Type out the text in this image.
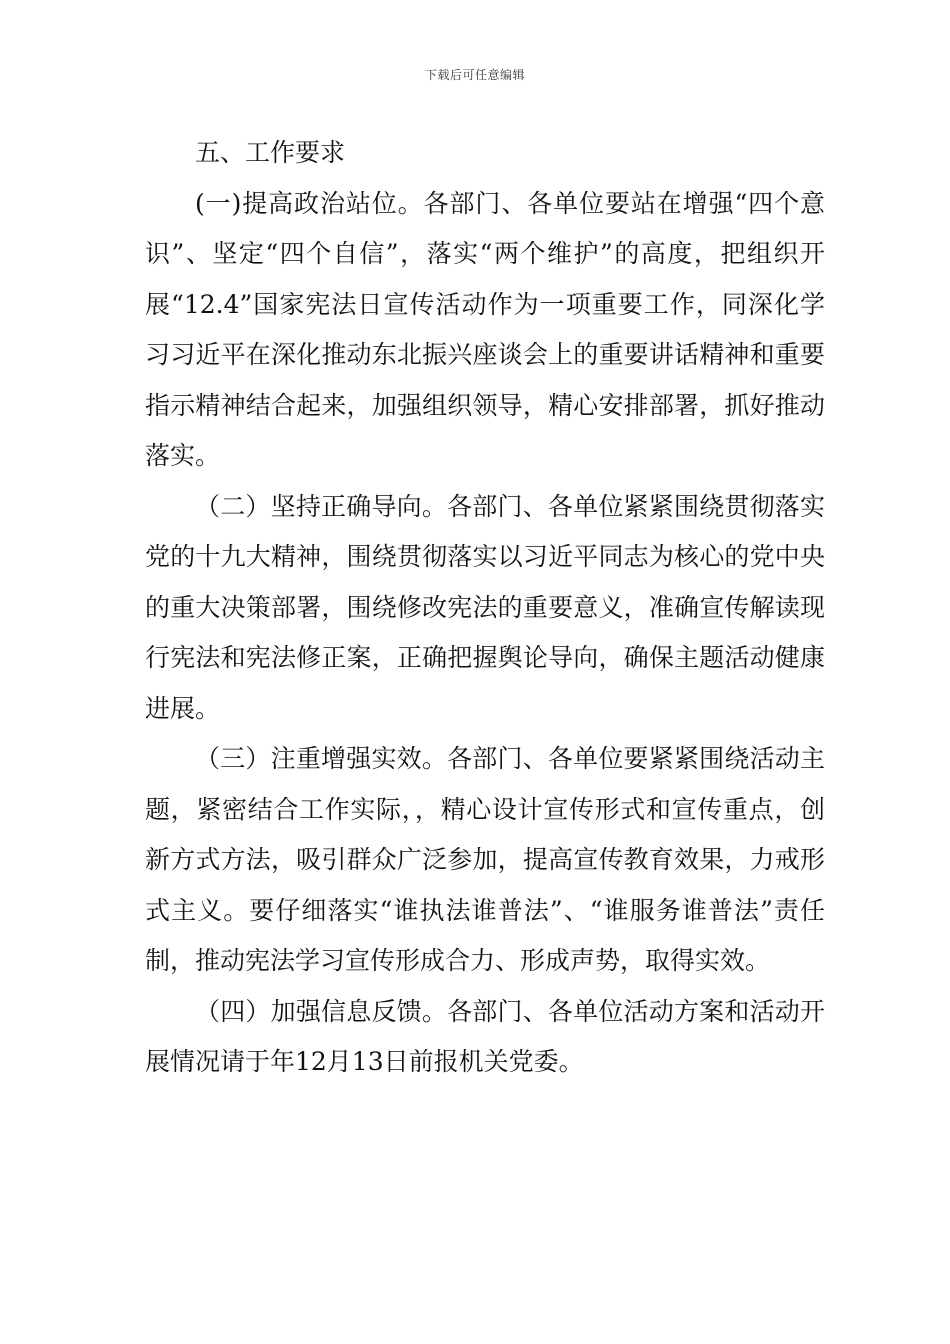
下载后可任意编辑

五、工作要求

(一)提高政治站位。各部门、各单位要站在增强“四个意识”、坚定“四个自信”，落实“两个维护”的高度，把组织开展“12.4”国家宪法日宣传活动作为一项重要工作，同深化学习习近平在深化推动东北振兴座谈会上的重要讲话精神和重要指示精神结合起来，加强组织领导，精心安排部署，抓好推动落实。

（二）坚持正确导向。各部门、各单位紧紧围绕贯彻落实党的十九大精神，围绕贯彻落实以习近平同志为核心的党中央的重大决策部署，围绕修改宪法的重要意义，准确宣传解读现行宪法和宪法修正案，正确把握舆论导向，确保主题活动健康进展。

（三）注重增强实效。各部门、各单位要紧紧围绕活动主题，紧密结合工作实际，，精心设计宣传形式和宣传重点，创新方式方法，吸引群众广泛参加，提高宣传教育效果，力戒形式主义。要仔细落实“谁执法谁普法”、“谁服务谁普法”责任制，推动宪法学习宣传形成合力、形成声势，取得实效。

（四）加强信息反馈。各部门、各单位活动方案和活动开展情况请于年12月13日前报机关党委。
